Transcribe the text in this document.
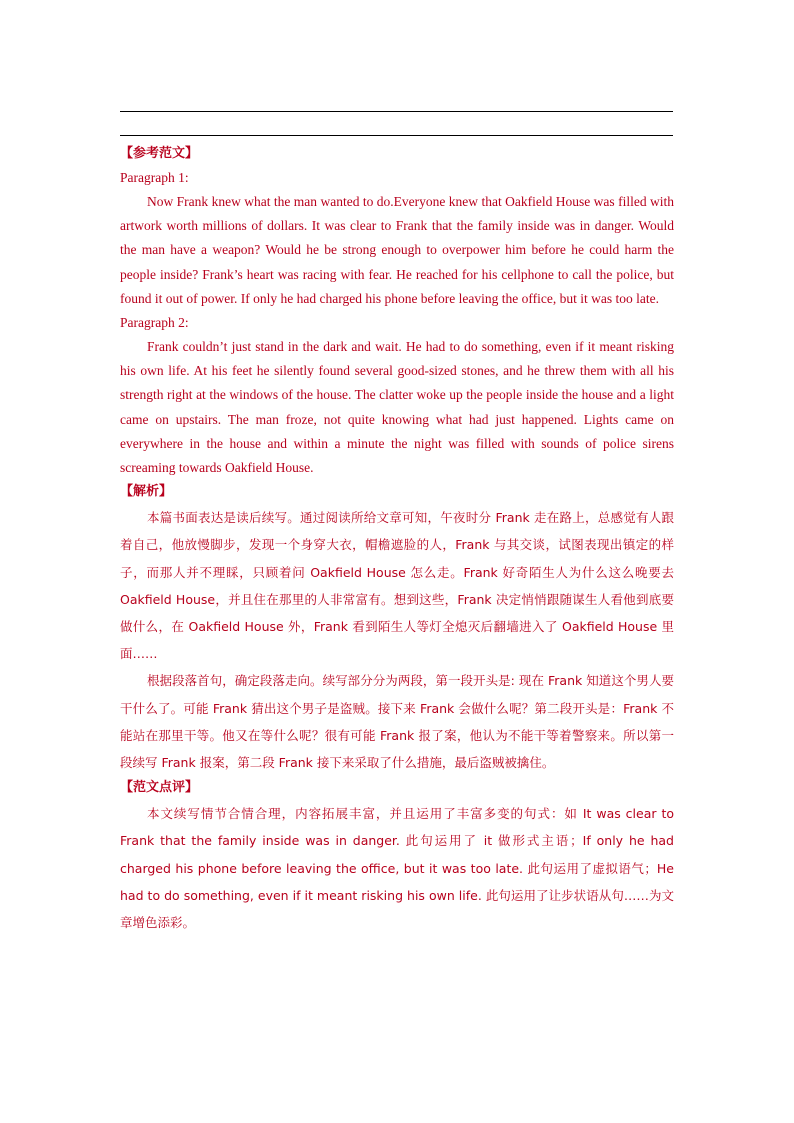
【参考范文】

Paragraph 1:

Now Frank knew what the man wanted to do.Everyone knew that Oakfield House was filled with artwork worth millions of dollars. It was clear to Frank that the family inside was in danger. Would the man have a weapon? Would he be strong enough to overpower him before he could harm the people inside? Frank’s heart was racing with fear. He reached for his cellphone to call the police, but found it out of power. If only he had charged his phone before leaving the office, but it was too late.

Paragraph 2:

Frank couldn’t just stand in the dark and wait. He had to do something, even if it meant risking his own life. At his feet he silently found several good-sized stones, and he threw them with all his strength right at the windows of the house. The clatter woke up the people inside the house and a light came on upstairs. The man froze, not quite knowing what had just happened. Lights came on everywhere in the house and within a minute the night was filled with sounds of police sirens screaming towards Oakfield House.

【解析】

本篇书面表达是读后续写。通过阅读所给文章可知，午夜时分 Frank 走在路上，总感觉有人跟着自己，他放慢脚步，发现一个身穿大衣，帽檐遮脸的人，Frank 与其交谈，试图表现出镇定的样子，而那人并不理睬，只顾着问 Oakfield House 怎么走。Frank 好奇陌生人为什么这么晚要去 Oakfield House，并且住在那里的人非常富有。想到这些，Frank 决定悄悄跟随谋生人看他到底要做什么，在 Oakfield House 外，Frank 看到陌生人等灯全熄灭后翻墙进入了 Oakfield House 里面……

根据段落首句，确定段落走向。续写部分分为两段，第一段开头是: 现在 Frank 知道这个男人要干什么了。可能 Frank 猜出这个男子是盗贼。接下来 Frank 会做什么呢？第二段开头是：Frank 不能站在那里干等。他又在等什么呢？很有可能 Frank 报了案，他认为不能干等着警察来。所以第一段续写 Frank 报案，第二段 Frank 接下来采取了什么措施，最后盗贼被擒住。

【范文点评】

本文续写情节合情合理，内容拓展丰富，并且运用了丰富多变的句式：如 It was clear to Frank that the family inside was in danger. 此句运用了 it 做形式主语；If only he had charged his phone before leaving the office, but it was too late. 此句运用了虚拟语气；He had to do something, even if it meant risking his own life. 此句运用了让步状语从句……为文章增色添彩。
